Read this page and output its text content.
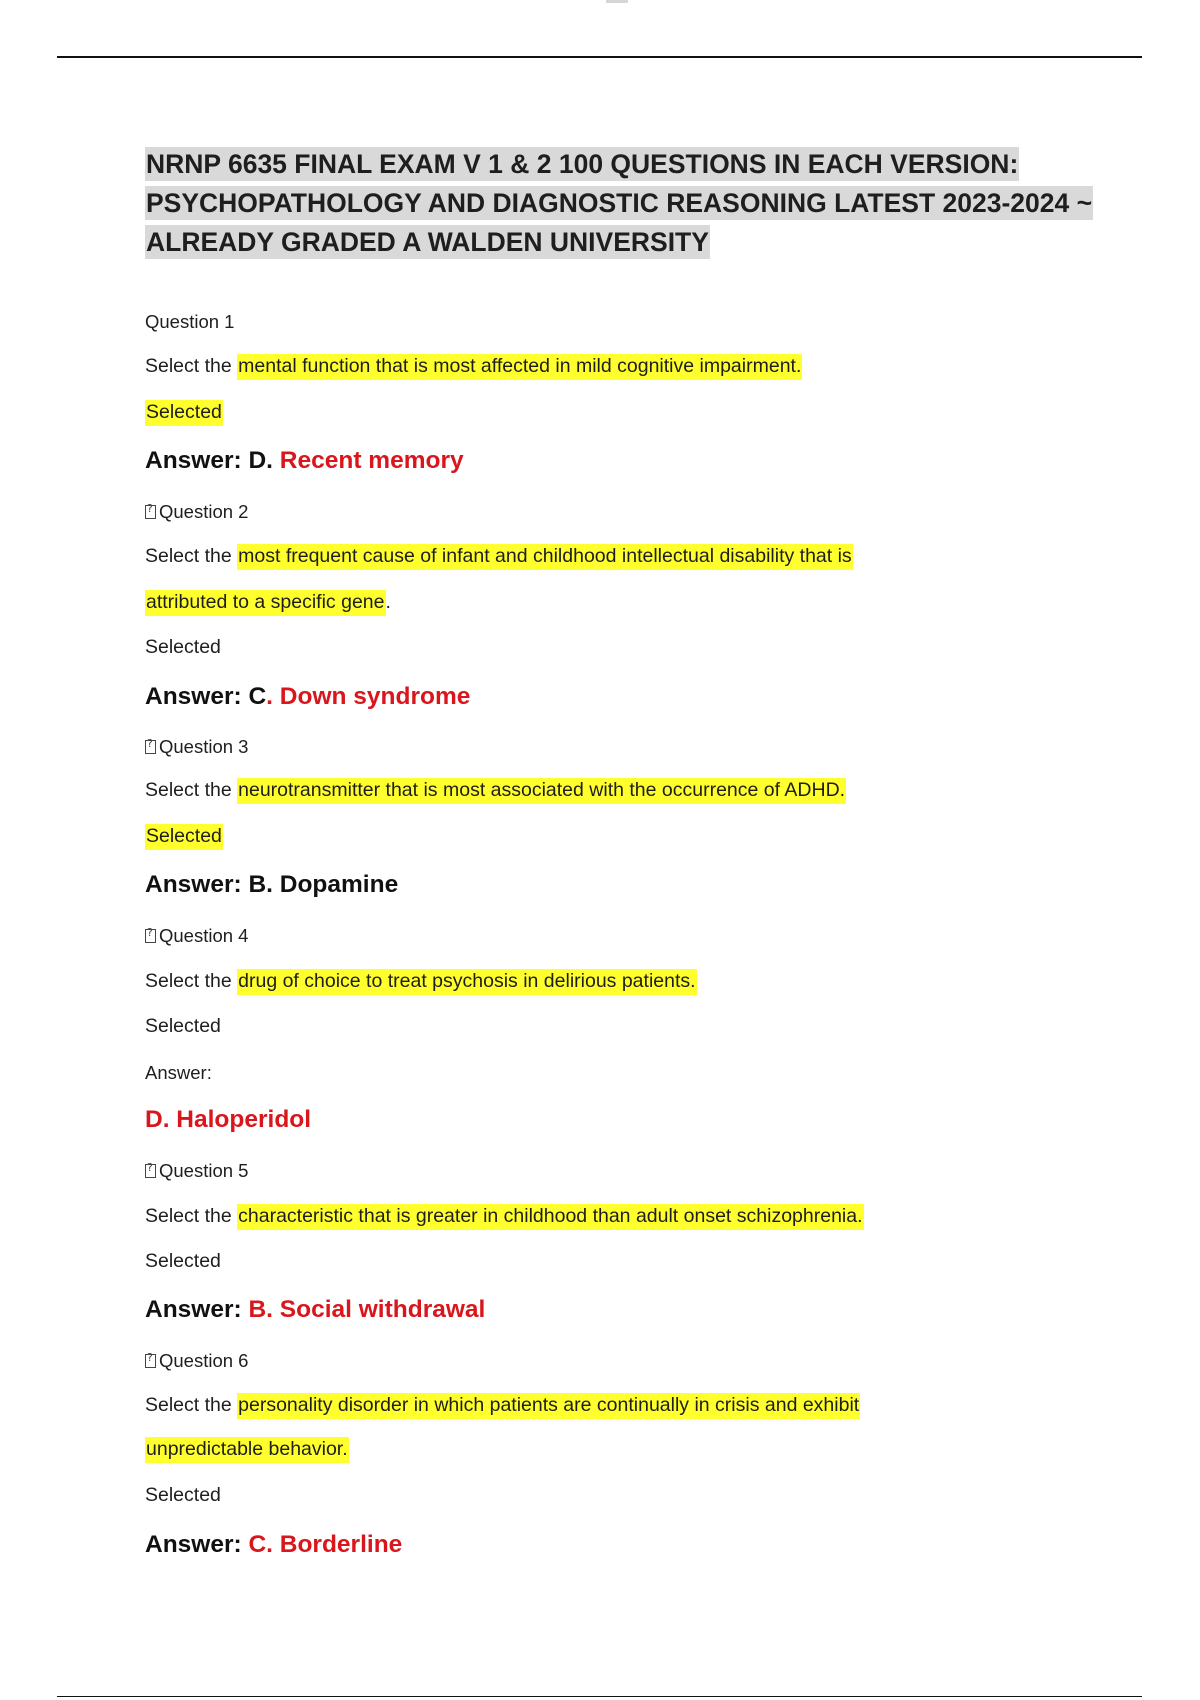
NRNP 6635 FINAL EXAM V 1 & 2 100 QUESTIONS IN EACH VERSION: PSYCHOPATHOLOGY AND DIAGNOSTIC REASONING LATEST 2023-2024 ~ ALREADY GRADED A WALDEN UNIVERSITY
Question 1
Select the mental function that is most affected in mild cognitive impairment.
Selected
Answer: D. Recent memory
?Question 2
Select the most frequent cause of infant and childhood intellectual disability that is
attributed to a specific gene.
Selected
Answer: C. Down syndrome
?Question 3
Select the neurotransmitter that is most associated with the occurrence of ADHD.
Selected
Answer: B. Dopamine
?Question 4
Select the drug of choice to treat psychosis in delirious patients.
Selected
Answer:
D. Haloperidol
?Question 5
Select the characteristic that is greater in childhood than adult onset schizophrenia.
Selected
Answer: B. Social withdrawal
?Question 6
Select the personality disorder in which patients are continually in crisis and exhibit
unpredictable behavior.
Selected
Answer: C. Borderline
